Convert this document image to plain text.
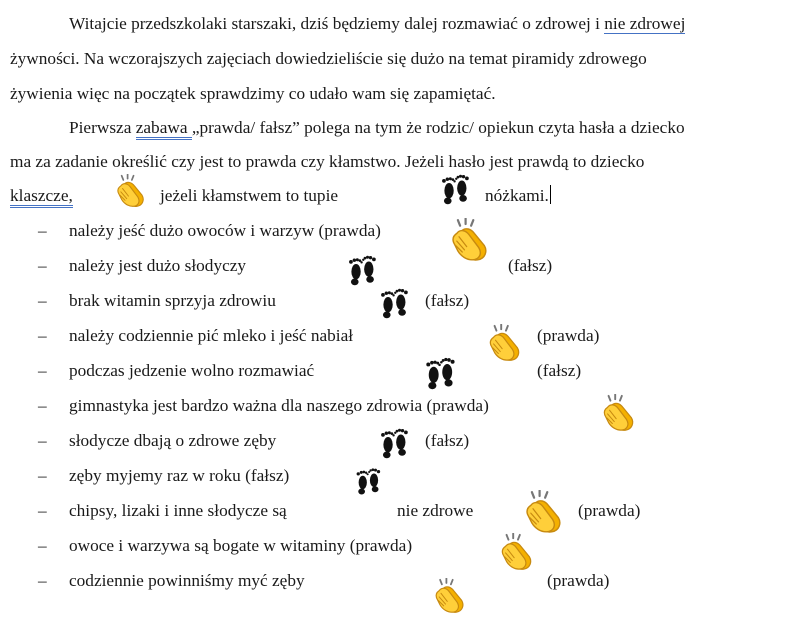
Witajcie przedszkolaki starszaki, dziś będziemy dalej rozmawiać o zdrowej i nie zdrowej
żywności. Na wczorajszych zajęciach dowiedzieliście się dużo na temat piramidy zdrowego
żywienia więc na początek sprawdzimy co udało wam się zapamiętać.
Pierwsza zabawa „prawda/ fałsz” polega na tym że rodzic/ opiekun czyta hasła a dziecko
ma za zadanie określić czy jest to prawda czy kłamstwo. Jeżeli hasło jest prawdą to dziecko
klaszcze,	jeżeli kłamstwem to tupie	nóżkami.
– należy jeść dużo owoców i warzyw (prawda)
– należy jest dużo słodyczy	(fałsz)
– brak witamin sprzyja zdrowiu	(fałsz)
– należy codziennie pić mleko i jeść nabiał	(prawda)
– podczas jedzenie wolno rozmawiać	(fałsz)
– gimnastyka jest bardzo ważna dla naszego zdrowia (prawda)
– słodycze dbają o zdrowe zęby	(fałsz)
– zęby myjemy raz w roku (fałsz)
– chipsy, lizaki i inne słodycze są	nie zdrowe	(prawda)
– owoce i warzywa są bogate w witaminy (prawda)
– codziennie powinniśmy myć zęby	(prawda)
